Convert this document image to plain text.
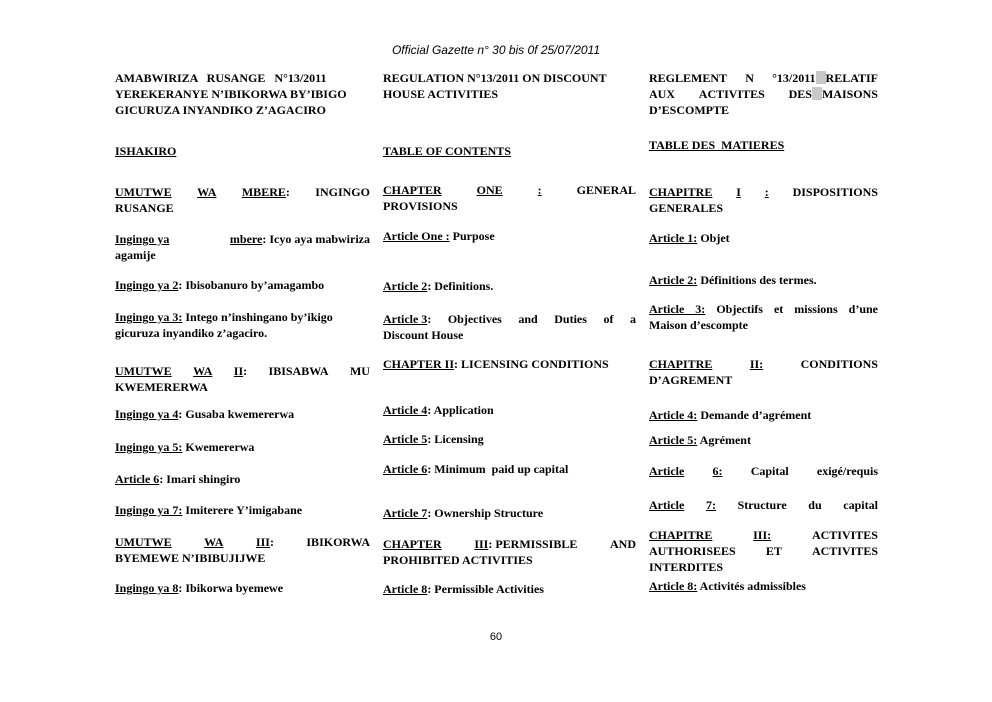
Official Gazette n° 30 bis 0f 25/07/2011
AMABWIRIZA   RUSANGE   N°13/2011
YEREKERANYE N’IBIKORWA BY’IBIGO
GICURUZA INYANDIKO Z’AGACIRO
ISHAKIRO
UMUTWE WA MBERE: INGINGO
RUSANGE
Ingingo ya	mbere: Icyo aya mabwiriza
agamije
Ingingo ya 2: Ibisobanuro by’amagambo
Ingingo ya 3: Intego n’inshingano by’ikigo
gicuruza inyandiko z’agaciro.
UMUTWE WA II: IBISABWA MU
KWEMERERWA
Ingingo ya 4: Gusaba kwemererwa
Ingingo ya 5: Kwemererwa
Article 6: Imari shingiro
Ingingo ya 7: Imiterere Y’imigabane
UMUTWE	WA	III:	IBIKORWA
BYEMEWE N’IBIBUJIJWE
Ingingo ya 8: Ibikorwa byemewe
REGULATION N°13/2011 ON DISCOUNT
HOUSE ACTIVITIES
TABLE OF CONTENTS
CHAPTER	ONE	:	GENERAL
PROVISIONS
Article One : Purpose
Article 2: Definitions.
Article 3: Objectives and Duties of a
Discount House
CHAPTER II: LICENSING CONDITIONS
Article 4: Application
Article 5: Licensing
Article 6: Minimum  paid up capital
Article 7: Ownership Structure
CHAPTER	III: PERMISSIBLE	AND
PROHIBITED ACTIVITIES
Article 8: Permissible Activities
REGLEMENT N °13/2011 RELATIF
AUX ACTIVITES DES MAISONS
D’ESCOMPTE
TABLE DES  MATIERES
CHAPITRE I : DISPOSITIONS
GENERALES
Article 1: Objet
Article 2: Définitions des termes.
Article 3: Objectifs et missions d’une
Maison d’escompte
CHAPITRE	II:	CONDITIONS
D’AGREMENT
Article 4: Demande d’agrément
Article 5: Agrément
Article 6: Capital exigé/requis
Article 7: Structure du capital
CHAPITRE	III:	ACTIVITES
AUTHORISEES	ET	ACTIVITES
INTERDITES
Article 8: Activités admissibles
60
